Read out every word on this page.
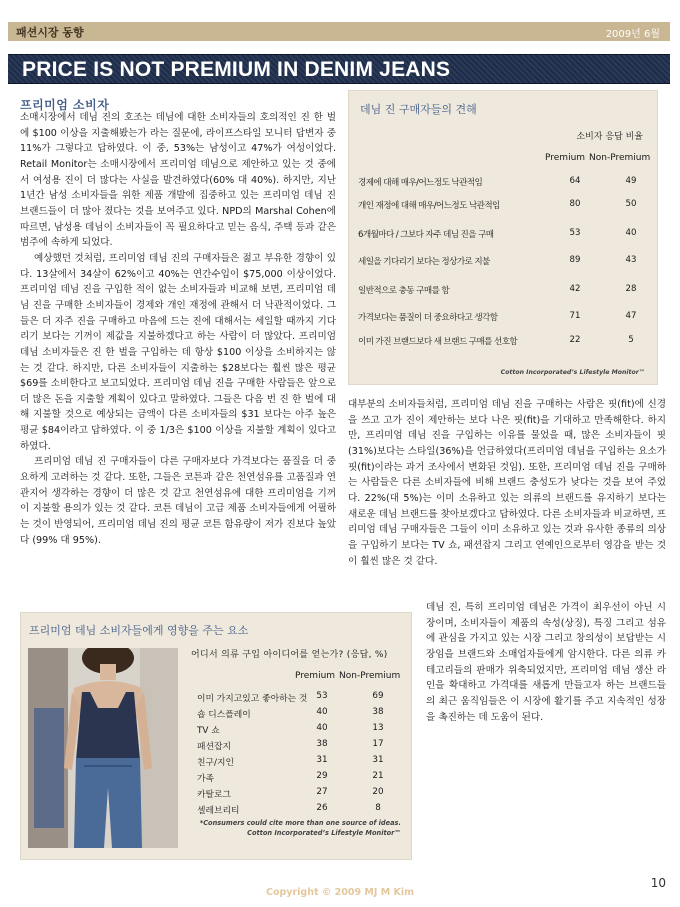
패션시장 동향	2009년 6월
PRICE IS NOT PREMIUM IN DENIM JEANS
프리미엄 소비자

소매시장에서 데님 진의 호조는 데님에 대한 소비자들의 호의적인 진 한 벌에 $100 이상을 지출해봤는가 라는 질문에, 라이프스타일 모니터 답변자 중 11%가 그렇다고 답하였다. 이 중, 53%는 남성이고 47%가 여성이었다. Retail Monitor는 소매시장에서 프리미엄 데님으로 제안하고 있는 것 중에서 여성용 진이 더 많다는 사실을 발견하였다(60% 대 40%). 하지만, 지난 1년간 남성 소비자들을 위한 제품 개발에 집중하고 있는 프리미엄 데님 진 브랜드들이 더 많아 졌다는 것을 보여주고 있다. NPD의 Marshal Cohen에 따르면, 남성용 데님이 소비자들이 꼭 필요하다고 믿는 음식, 주택 등과 같은 범주에 속하게 되었다.

예상했던 것처럼, 프리미엄 데님 진의 구매자들은 젊고 부유한 경향이 있다. 13살에서 34살이 62%이고 40%는 연간수입이 $75,000 이상이었다. 프리미엄 데님 진을 구입한 적이 없는 소비자들과 비교해 보면, 프리미엄 데님 진을 구매한 소비자들이 경제와 개인 재정에 관해서 더 낙관적이었다. 그들은 더 자주 진을 구매하고 마음에 드는 진에 대해서는 세일할 때까지 기다리기 보다는 기꺼이 제값을 지불하겠다고 하는 사람이 더 많았다. 프리미엄 데님 소비자들은 진 한 벌을 구입하는 데 항상 $100 이상을 소비하지는 않는 것 같다. 하지만, 다른 소비자들이 지출하는 $28보다는 훨씬 많은 평균 $69를 소비한다고 보고되었다. 프리미엄 데님 진을 구매한 사람들은 앞으로 더 많은 돈을 지출할 계획이 있다고 말하였다. 그들은 다음 번 진 한 벌에 대해 지불할 것으로 예상되는 금액이 다른 소비자들의 $31 보다는 아주 높은 평균 $84이라고 답하였다. 이 중 1/3은 $100 이상을 지불할 계획이 있다고 하였다.

프리미엄 데님 진 구매자들이 다른 구매자보다 가격보다는 품질을 더 중요하게 고려하는 것 같다. 또한, 그들은 코튼과 같은 천연섬유를 고품질과 연관지어 생각하는 경향이 더 많은 것 같고 천연섬유에 대한 프리미엄을 기꺼이 지불할 용의가 있는 것 같다. 코튼 데님이 고급 제품 소비자들에게 어필하는 것이 반영되어, 프리미엄 데님 진의 평균 코튼 함유량이 저가 진보다 높았다 (99% 대 95%).

데님 진 구매자들의 견해
소비자 응답 비율
Premium Non-Premium
경제에 대해 매우/어느정도 낙관적임	64	49
개인 재정에 대해 매우/어느정도 낙관적임	80	50
6개월마다 / 그보다 자주 데님 진을 구매	53	40
세일을 기다리기 보다는 정상가로 지불	89	43
일반적으로 충동 구매를 함	42	28
가격보다는 품질이 더 중요하다고 생각함	71	47
이미 가진 브랜드보다 새 브랜드 구매를 선호함	22	5
Cotton Incorporated’s Lifestyle Monitor™

대부분의 소비자들처럼, 프리미엄 데님 진을 구매하는 사람은 핏(fit)에 신경을 쓰고 고가 진이 제안하는 보다 나은 핏(fit)을 기대하고 만족해한다. 하지만, 프리미엄 데님 진을 구입하는 이유를 물었을 때, 많은 소비자들이 핏(31%)보다는 스타일(36%)을 언급하였다(프리미엄 데님을 구입하는 요소가 핏(fit)이라는 과거 조사에서 변화된 것임). 또한, 프리미엄 데님 진을 구매하는 사람들은 다른 소비자들에 비해 브랜드 충성도가 낮다는 것을 보여 주었다. 22%(대 5%)는 이미 소유하고 있는 의류의 브랜드를 유지하기 보다는 새로운 데님 브랜드를 찾아보겠다고 답하였다. 다른 소비자들과 비교하면, 프리미엄 데님 구매자들은 그들이 이미 소유하고 있는 것과 유사한 종류의 의상을 구입하기 보다는 TV 쇼, 패션잡지 그리고 연예인으로부터 영감을 받는 것이 훨씬 많은 것 같다.

데님 진, 특히 프리미엄 데님은 가격이 최우선이 아닌 시장이며, 소비자들이 제품의 속성(상징), 특징 그리고 섬유에 관심을 가지고 있는 시장 그리고 창의성이 보답받는 시장임을 브랜드와 소매업자들에게 암시한다. 다른 의류 카테고리들의 판매가 위축되었지만, 프리미엄 데님 생산 라인을 확대하고 가격대를 새롭게 만들고자 하는 브랜드들의 최근 움직임들은 이 시장에 활기를 주고 지속적인 성장을 촉진하는 데 도움이 된다.

프리미엄 데님 소비자들에게 영향을 주는 요소
어디서 의류 구입 아이디어를 얻는가? (응답, %)
Premium Non-Premium
이미 가지고있고 좋아하는 것	53	69
숍 디스플레이	40	38
TV 쇼	40	13
패션잡지	38	17
친구/지인	31	31
가족	29	21
카탈로그	27	20
셀레브리티	26	8
*Consumers could cite more than one source of ideas.
Cotton Incorporated’s Lifestyle Monitor™
Copyright © 2009 MJ M Kim
10
